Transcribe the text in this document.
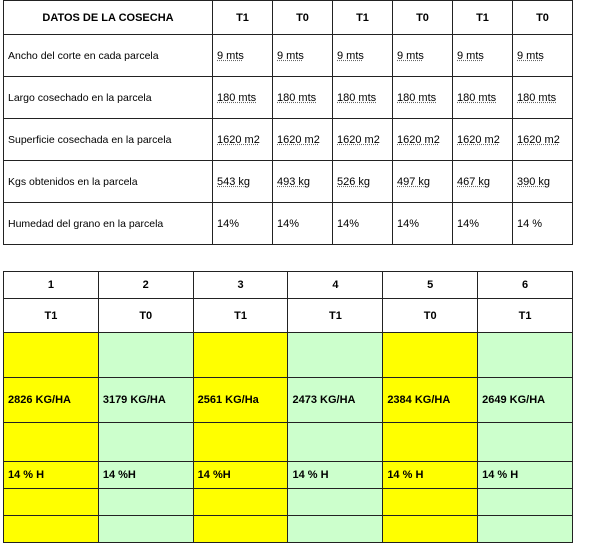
DATOS DE LA COSECHA	T1	T0	T1	T0	T1	T0
Ancho del corte en cada parcela	9 mts	9 mts	9 mts	9 mts	9 mts	9 mts
Largo cosechado en la parcela	180 mts	180 mts	180 mts	180 mts	180 mts	180 mts
Superficie cosechada en la parcela	1620 m2	1620 m2	1620 m2	1620 m2	1620 m2	1620 m2
Kgs obtenidos en la parcela	543 kg	493 kg	526 kg	497 kg	467 kg	390 kg
Humedad del grano en la parcela	14%	14%	14%	14%	14%	14 %
1	2	3	4	5	6
T1	T0	T1	T1	T0	T1

2826 KG/HA	3179 KG/HA	2561 KG/Ha	2473 KG/HA	2384 KG/HA	2649 KG/HA

14 % H	14 %H	14 %H	14 % H	14 % H	14 % H
